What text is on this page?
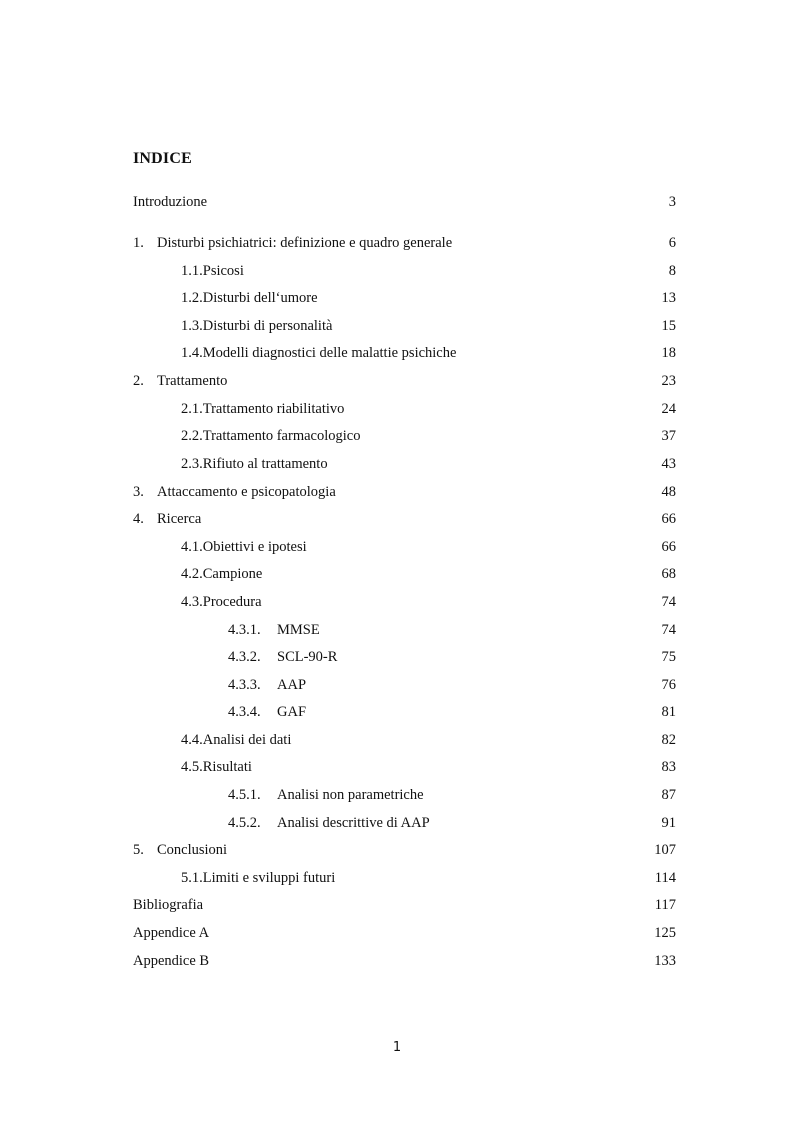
INDICE
Introduzione	3
1. Disturbi psichiatrici: definizione e quadro generale	6
1.1.Psicosi	8
1.2.Disturbi dell‘umore	13
1.3.Disturbi di personalità	15
1.4.Modelli diagnostici delle malattie psichiche	18
2. Trattamento	23
2.1.Trattamento riabilitativo	24
2.2.Trattamento farmacologico	37
2.3.Rifiuto al trattamento	43
3. Attaccamento e psicopatologia	48
4. Ricerca	66
4.1.Obiettivi e ipotesi	66
4.2.Campione	68
4.3.Procedura	74
4.3.1. MMSE	74
4.3.2. SCL-90-R	75
4.3.3. AAP	76
4.3.4. GAF	81
4.4.Analisi dei dati	82
4.5.Risultati	83
4.5.1. Analisi non parametriche	87
4.5.2. Analisi descrittive di AAP	91
5. Conclusioni	107
5.1.Limiti e sviluppi futuri	114
Bibliografia	117
Appendice A	125
Appendice B	133
1
